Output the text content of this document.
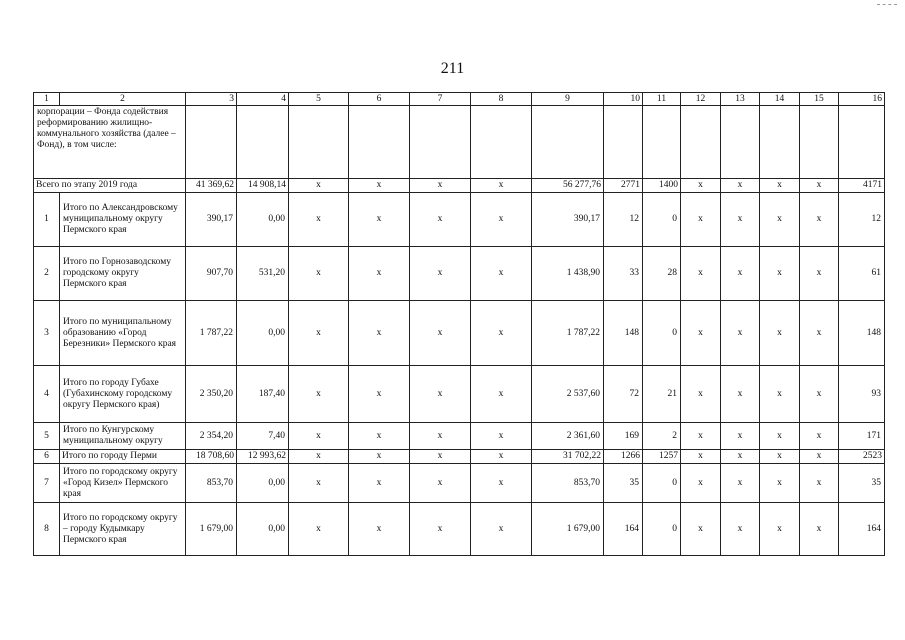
211
1	2	3	4	5	6	7	8	9	10	11	12	13	14	15	16
корпорации – Фонда содействия реформированию жилищно-коммунального хозяйства (далее – Фонд), в том числе:															
Всего по этапу 2019 года		41 369,62	14 908,14	х	х	х	х	56 277,76	2771	1400	х	х	х	х	4171
1	Итого по Александровскому муниципальному округу Пермского края	390,17	0,00	х	х	х	х	390,17	12	0	х	х	х	х	12
2	Итого по Горнозаводскому городскому округу Пермского края	907,70	531,20	х	х	х	х	1 438,90	33	28	х	х	х	х	61
3	Итого по муниципальному образованию «Город Березники» Пермского края	1 787,22	0,00	х	х	х	х	1 787,22	148	0	х	х	х	х	148
4	Итого по городу Губахе (Губахинскому городскому округу Пермского края)	2 350,20	187,40	х	х	х	х	2 537,60	72	21	х	х	х	х	93
5	Итого по Кунгурскому муниципальному округу	2 354,20	7,40	х	х	х	х	2 361,60	169	2	х	х	х	х	171
6	Итого по городу Перми	18 708,60	12 993,62	х	х	х	х	31 702,22	1266	1257	х	х	х	х	2523
7	Итого по городскому округу «Город Кизел» Пермского края	853,70	0,00	х	х	х	х	853,70	35	0	х	х	х	х	35
8	Итого по городскому округу – городу Кудымкару Пермского края	1 679,00	0,00	х	х	х	х	1 679,00	164	0	х	х	х	х	164
